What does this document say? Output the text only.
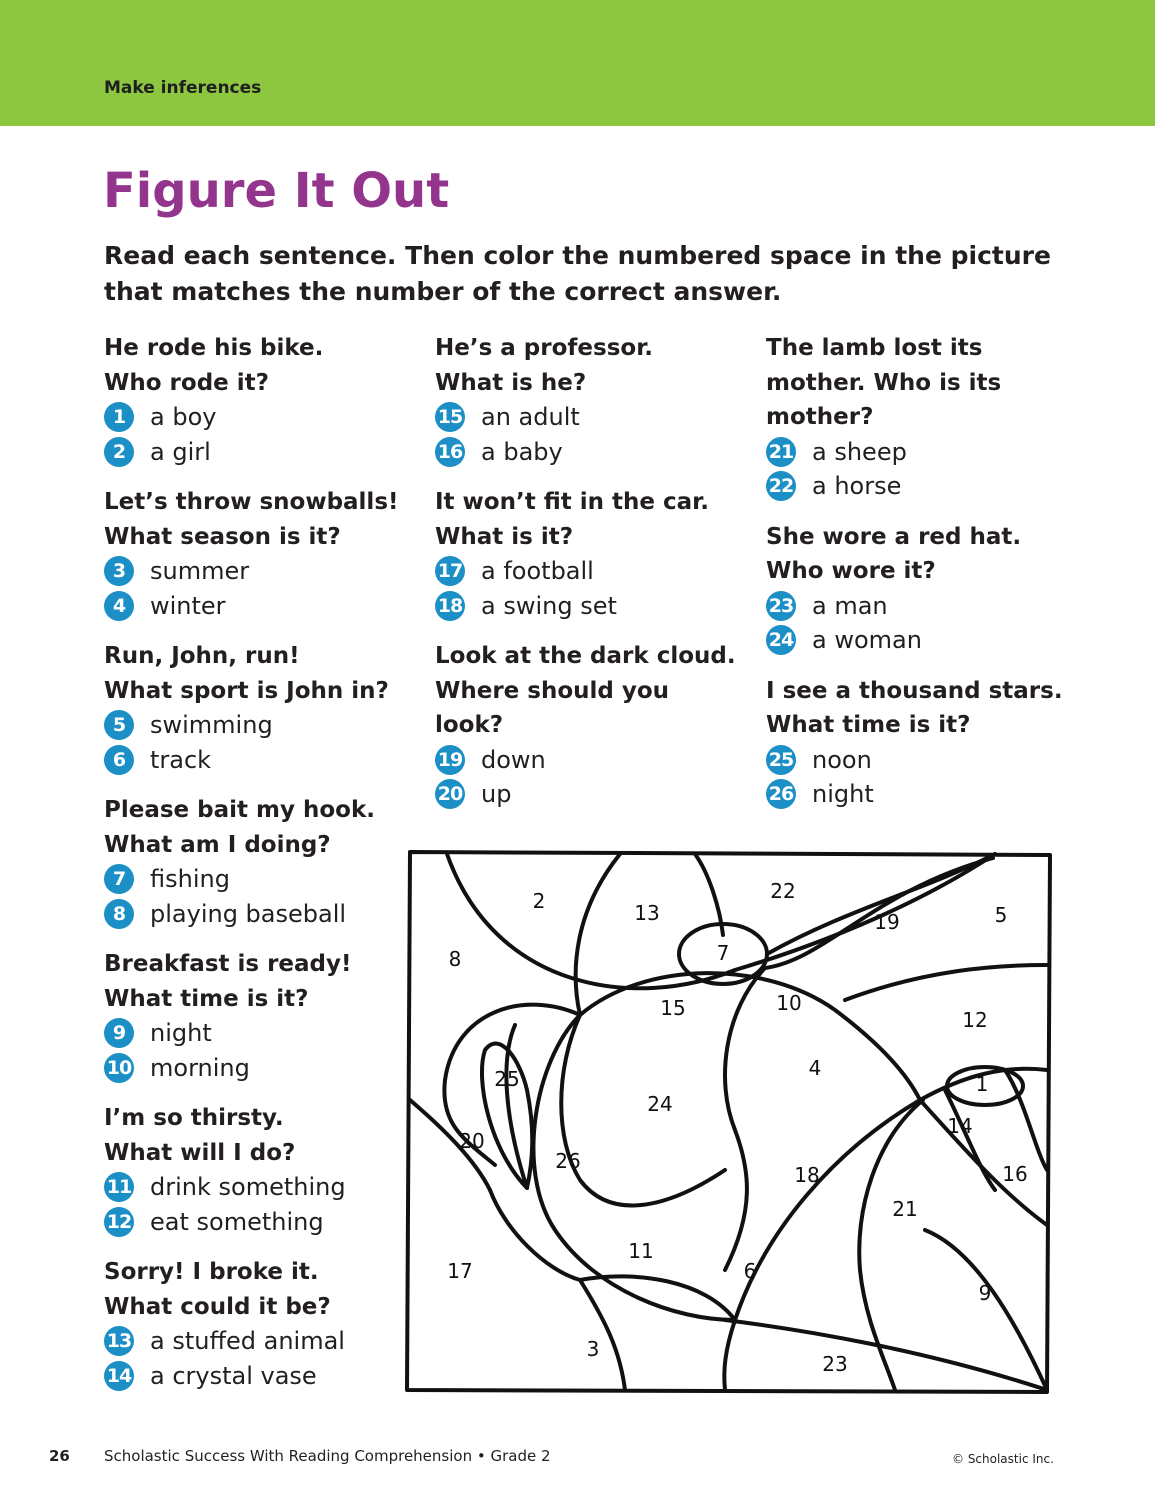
Make inferences
Figure It Out
Read each sentence. Then color the numbered space in the picture that matches the number of the correct answer.
He rode his bike.
Who rode it?
1	a boy
2	a girl
Let’s throw snowballs!
What season is it?
3	summer
4	winter
Run, John, run!
What sport is John in?
5	swimming
6	track
Please bait my hook.
What am I doing?
7	fishing
8	playing baseball
Breakfast is ready!
What time is it?
9	night
10 morning
I’m so thirsty.
What will I do?
11 drink something
12 eat something
Sorry! I broke it.
What could it be?
13 a stuffed animal
14 a crystal vase
He’s a professor.
What is he?
15 an adult
16 a baby
It won’t fit in the car.
What is it?
17 a football
18 a swing set
Look at the dark cloud.
Where should you
look?
19 down
20 up
The lamb lost its
mother. Who is its
mother?
21 a sheep
22 a horse
She wore a red hat.
Who wore it?
23 a man
24 a woman
I see a thousand stars.
What time is it?
25 noon
26 night
1
2
3
4
5
6
7
8
9
10
11
12
13
14
15
16
17
18
19
20
21
22
23
24
25
26
26 Scholastic Success With Reading Comprehension • Grade 2	© Scholastic Inc.
